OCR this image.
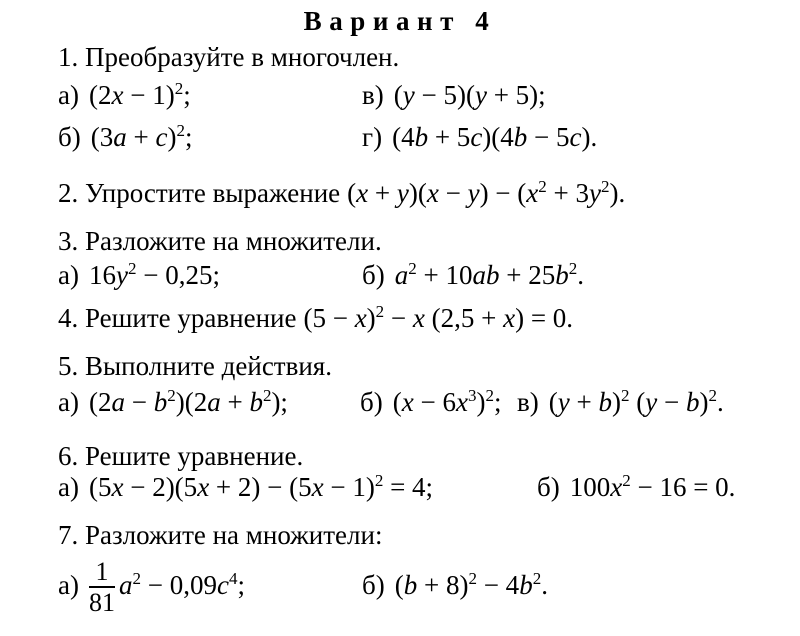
Вариант 4
1. Преобразуйте в многочлен.
а) $(2x - 1)^2$;	в) (y − 5)(y + 5);
б) $(3a + c)^2$;	г) (4b + 5c)(4b − 5c).
2. Упростите выражение $(x + y)(x - y) - (x^2 + 3y^2)$.
3. Разложите на множители.
а) $16y^2 - 0,25$;	б) $a^2 + 10ab + 25b^2$.
4. Решите уравнение $(5 - x)^2 - x$ (2,5 + x) = 0.
5. Выполните действия.
а) $(2a - b^2)(2a + b^2)$;	б) $(x - 6x^3)^2$; в) $(y + b)^2$ $(y - b)^2$.
6. Решите уравнение.
а) $(5x - 2)(5x + 2) - (5x - 1)^2 = 4$;	б) $100x^2 - 16 = 0$.
7. Разложите на множители:
$а) \frac{1}{81} a^2 - 0,09c^4$;	б) $(b + 8)^2 - 4b^2$.
